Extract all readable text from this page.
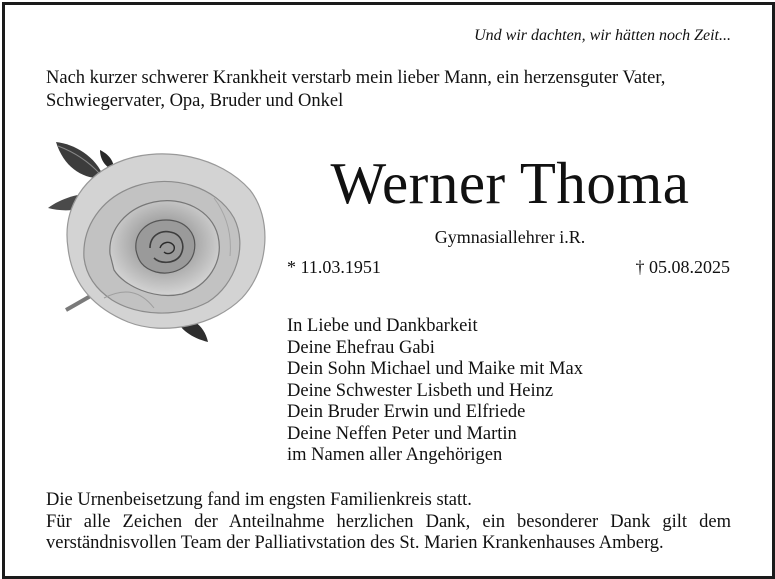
Und wir dachten, wir hätten noch Zeit...
Nach kurzer schwerer Krankheit verstarb mein lieber Mann, ein herzensguter Vater, Schwiegervater, Opa, Bruder und Onkel
Werner Thoma
Gymnasiallehrer i.R.
* 11.03.1951	† 05.08.2025
In Liebe und Dankbarkeit
Deine Ehefrau Gabi
Dein Sohn Michael und Maike mit Max
Deine Schwester Lisbeth und Heinz
Dein Bruder Erwin und Elfriede
Deine Neffen Peter und Martin
im Namen aller Angehörigen
Die Urnenbeisetzung fand im engsten Familienkreis statt.
Für alle Zeichen der Anteilnahme herzlichen Dank, ein besonderer Dank gilt dem verständnisvollen Team der Palliativstation des St. Marien Krankenhauses Amberg.
